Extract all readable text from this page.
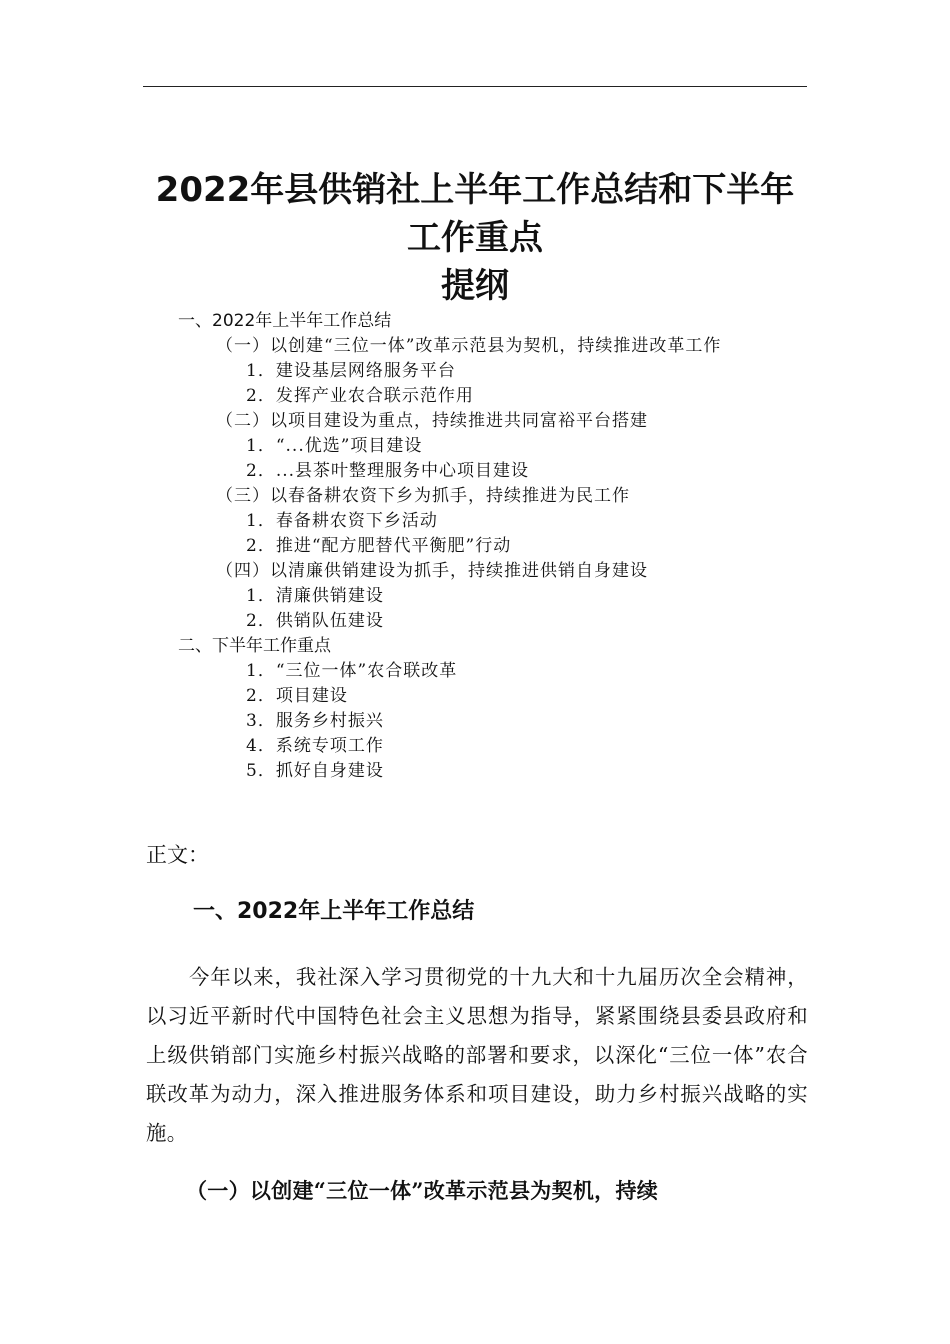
2022年县供销社上半年工作总结和下半年
工作重点
提纲
一、2022年上半年工作总结
（一）以创建“三位一体”改革示范县为契机，持续推进改革工作
1．建设基层网络服务平台
2．发挥产业农合联示范作用
（二）以项目建设为重点，持续推进共同富裕平台搭建
1．“...优选”项目建设
2．...县茶叶整理服务中心项目建设
（三）以春备耕农资下乡为抓手，持续推进为民工作
1．春备耕农资下乡活动
2．推进“配方肥替代平衡肥”行动
（四）以清廉供销建设为抓手，持续推进供销自身建设
1．清廉供销建设
2．供销队伍建设
二、下半年工作重点
1．“三位一体”农合联改革
2．项目建设
3．服务乡村振兴
4．系统专项工作
5．抓好自身建设
正文：
一、2022年上半年工作总结

今年以来，我社深入学习贯彻党的十九大和十九届历次全会精神，以习近平新时代中国特色社会主义思想为指导，紧紧围绕县委县政府和上级供销部门实施乡村振兴战略的部署和要求，以深化“三位一体”农合联改革为动力，深入推进服务体系和项目建设，助力乡村振兴战略的实施。

（一）以创建“三位一体”改革示范县为契机，持续
